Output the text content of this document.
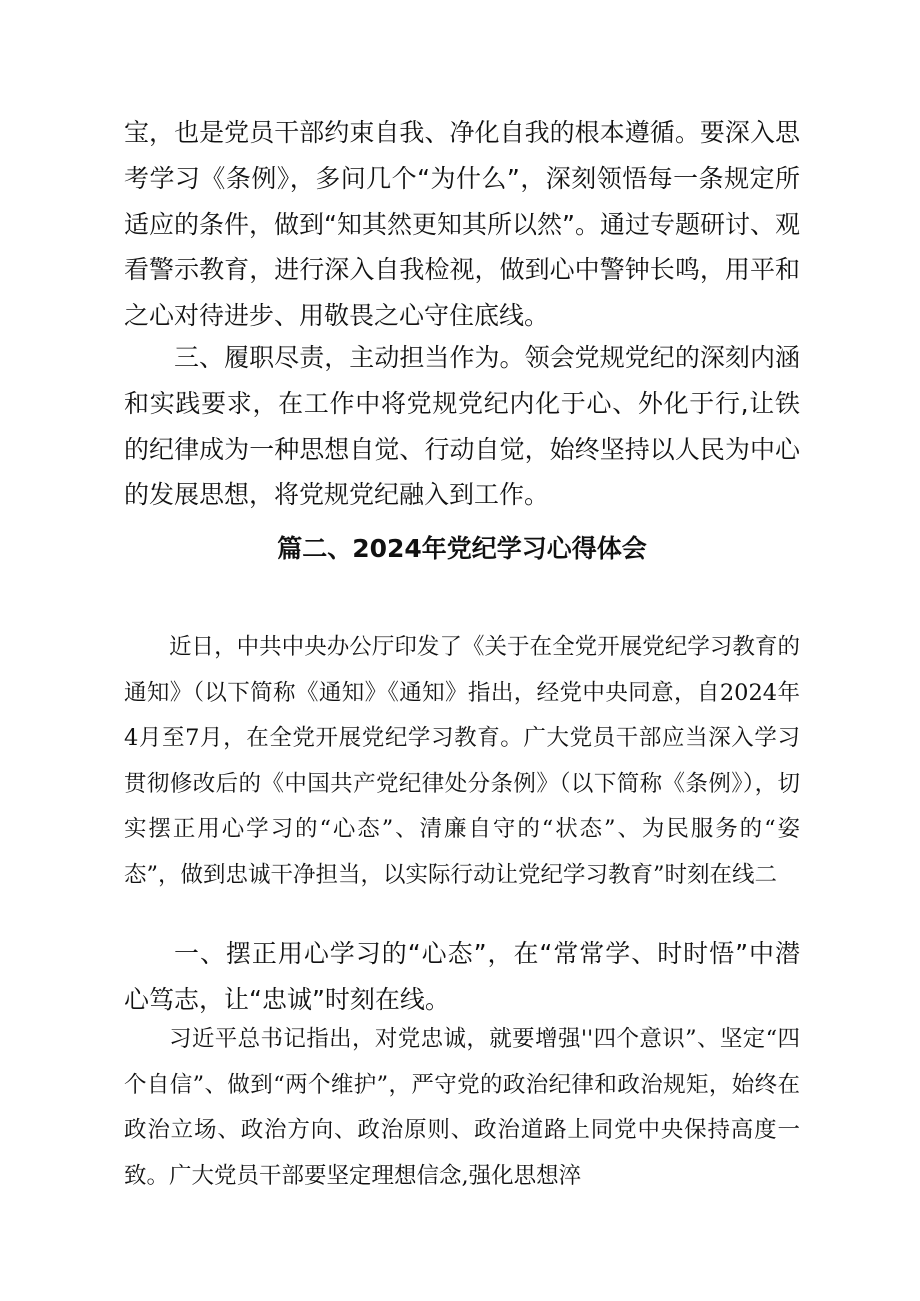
宝，也是党员干部约束自我、净化自我的根本遵循。要深入思考学习《条例》，多问几个“为什么”，深刻领悟每一条规定所适应的条件，做到“知其然更知其所以然”。通过专题研讨、观看警示教育，进行深入自我检视，做到心中警钟长鸣，用平和之心对待进步、用敬畏之心守住底线。

三、履职尽责，主动担当作为。领会党规党纪的深刻内涵和实践要求，在工作中将党规党纪内化于心、外化于行,让铁的纪律成为一种思想自觉、行动自觉，始终坚持以人民为中心的发展思想，将党规党纪融入到工作。

篇二、2024年党纪学习心得体会

近日，中共中央办公厅印发了《关于在全党开展党纪学习教育的通知》（以下简称《通知》《通知》指出，经党中央同意，自2024年4月至7月，在全党开展党纪学习教育。广大党员干部应当深入学习贯彻修改后的《中国共产党纪律处分条例》（以下简称《条例》），切实摆正用心学习的“心态”、清廉自守的“状态”、为民服务的“姿态”，做到忠诚干净担当，以实际行动让党纪学习教育”时刻在线二

一、摆正用心学习的“心态”，在“常常学、时时悟”中潜心笃志，让“忠诚”时刻在线。

习近平总书记指出，对党忠诚，就要增强''四个意识”、坚定“四个自信”、做到“两个维护”，严守党的政治纪律和政治规矩，始终在政治立场、政治方向、政治原则、政治道路上同党中央保持高度一致。广大党员干部要坚定理想信念,强化思想淬
